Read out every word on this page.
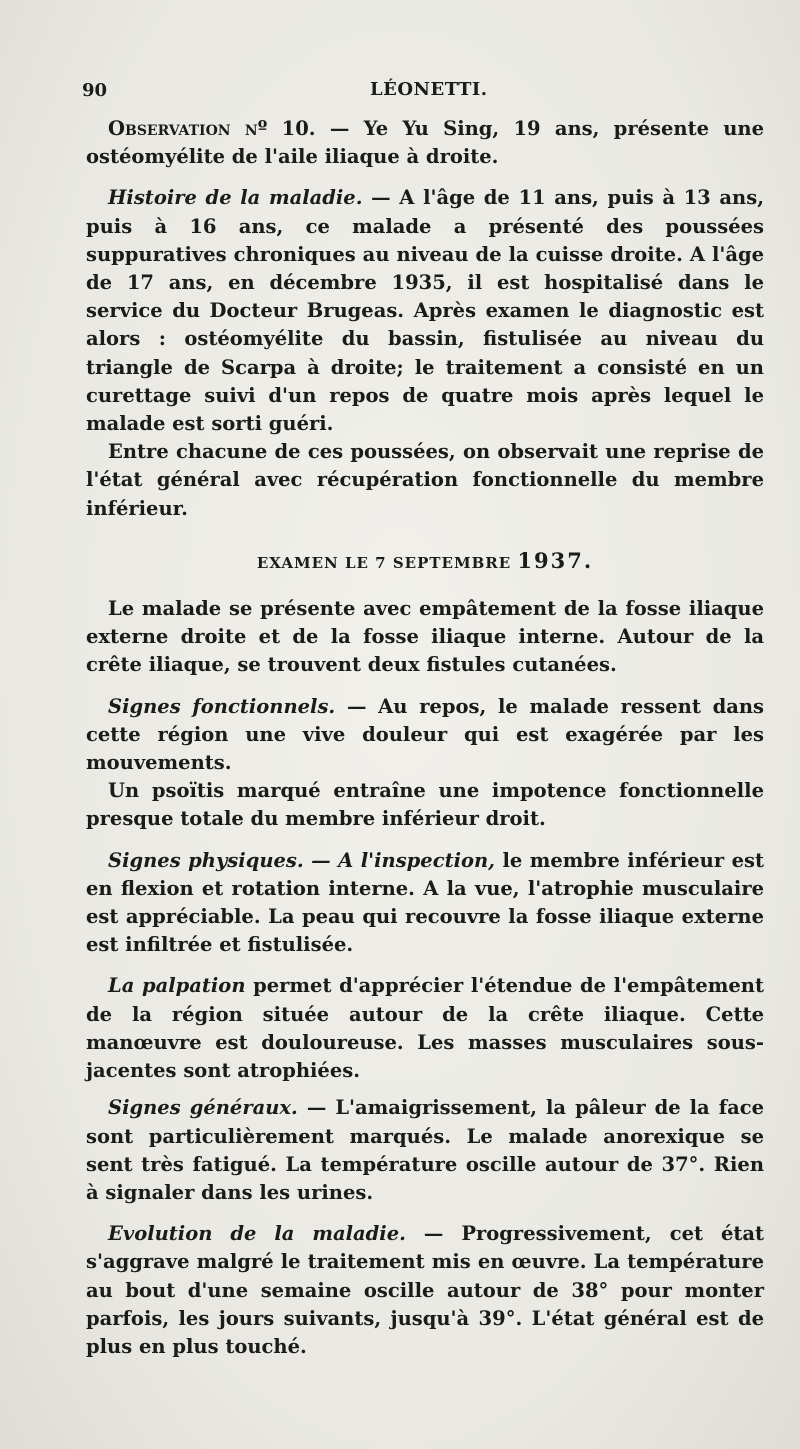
90	LÉONETTI.

Observation nº 10. — Ye Yu Sing, 19 ans, présente une ostéomyélite de l'aile iliaque à droite.

Histoire de la maladie. — A l'âge de 11 ans, puis à 13 ans, puis à 16 ans, ce malade a présenté des poussées suppuratives chroniques au niveau de la cuisse droite. A l'âge de 17 ans, en décembre 1935, il est hospitalisé dans le service du Docteur Brugeas. Après examen le diagnostic est alors : ostéomyélite du bassin, fistulisée au niveau du triangle de Scarpa à droite; le traitement a consisté en un curettage suivi d'un repos de quatre mois après lequel le malade est sorti guéri.

Entre chacune de ces poussées, on observait une reprise de l'état général avec récupération fonctionnelle du membre inférieur.

EXAMEN LE 7 SEPTEMBRE 1937.

Le malade se présente avec empâtement de la fosse iliaque externe droite et de la fosse iliaque interne. Autour de la crête iliaque, se trouvent deux fistules cutanées.

Signes fonctionnels. — Au repos, le malade ressent dans cette région une vive douleur qui est exagérée par les mouvements.

Un psoïtis marqué entraîne une impotence fonctionnelle presque totale du membre inférieur droit.

Signes physiques. — A l'inspection, le membre inférieur est en flexion et rotation interne. A la vue, l'atrophie musculaire est appréciable. La peau qui recouvre la fosse iliaque externe est infiltrée et fistulisée.

La palpation permet d'apprécier l'étendue de l'empâtement de la région située autour de la crête iliaque. Cette manœuvre est douloureuse. Les masses musculaires sous-jacentes sont atrophiées.

Signes généraux. — L'amaigrissement, la pâleur de la face sont particulièrement marqués. Le malade anorexique se sent très fatigué. La température oscille autour de 37°. Rien à signaler dans les urines.

Evolution de la maladie. — Progressivement, cet état s'aggrave malgré le traitement mis en œuvre. La température au bout d'une semaine oscille autour de 38° pour monter parfois, les jours suivants, jusqu'à 39°. L'état général est de plus en plus touché.
